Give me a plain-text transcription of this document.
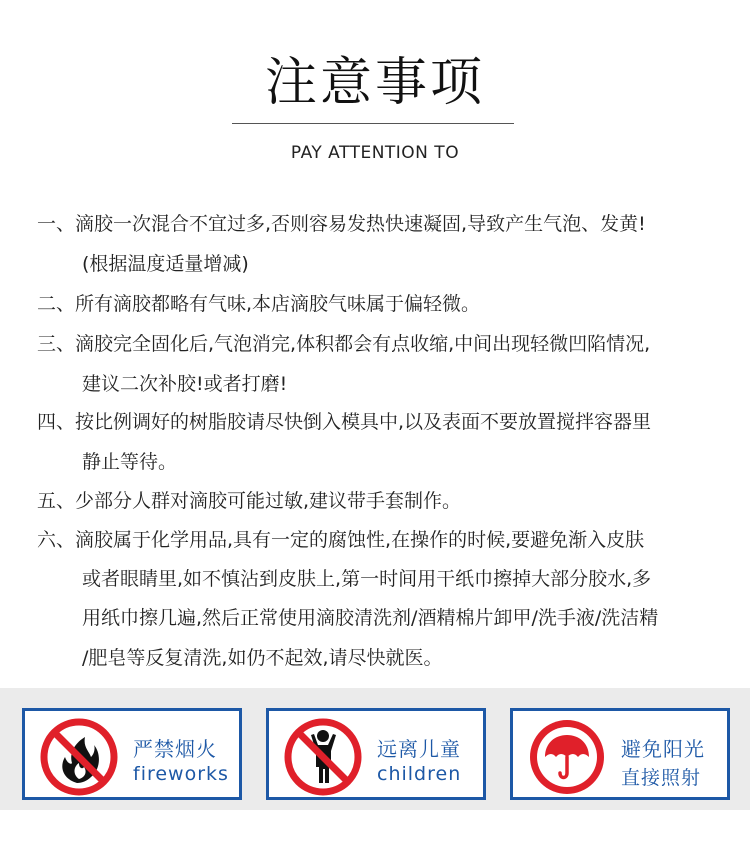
注意事项
PAY ATTENTION TO
一、滴胶一次混合不宜过多,否则容易发热快速凝固,导致产生气泡、发黄!
(根据温度适量增减)
二、所有滴胶都略有气味,本店滴胶气味属于偏轻微。
三、滴胶完全固化后,气泡消完,体积都会有点收缩,中间出现轻微凹陷情况,
建议二次补胶!或者打磨!
四、按比例调好的树脂胶请尽快倒入模具中,以及表面不要放置搅拌容器里
静止等待。
五、少部分人群对滴胶可能过敏,建议带手套制作。
六、滴胶属于化学用品,具有一定的腐蚀性,在操作的时候,要避免渐入皮肤
或者眼睛里,如不慎沾到皮肤上,第一时间用干纸巾擦掉大部分胶水,多
用纸巾擦几遍,然后正常使用滴胶清洗剂/酒精棉片卸甲/洗手液/洗洁精
/肥皂等反复清洗,如仍不起效,请尽快就医。
严禁烟火
fireworks
远离儿童
children
避免阳光
直接照射
